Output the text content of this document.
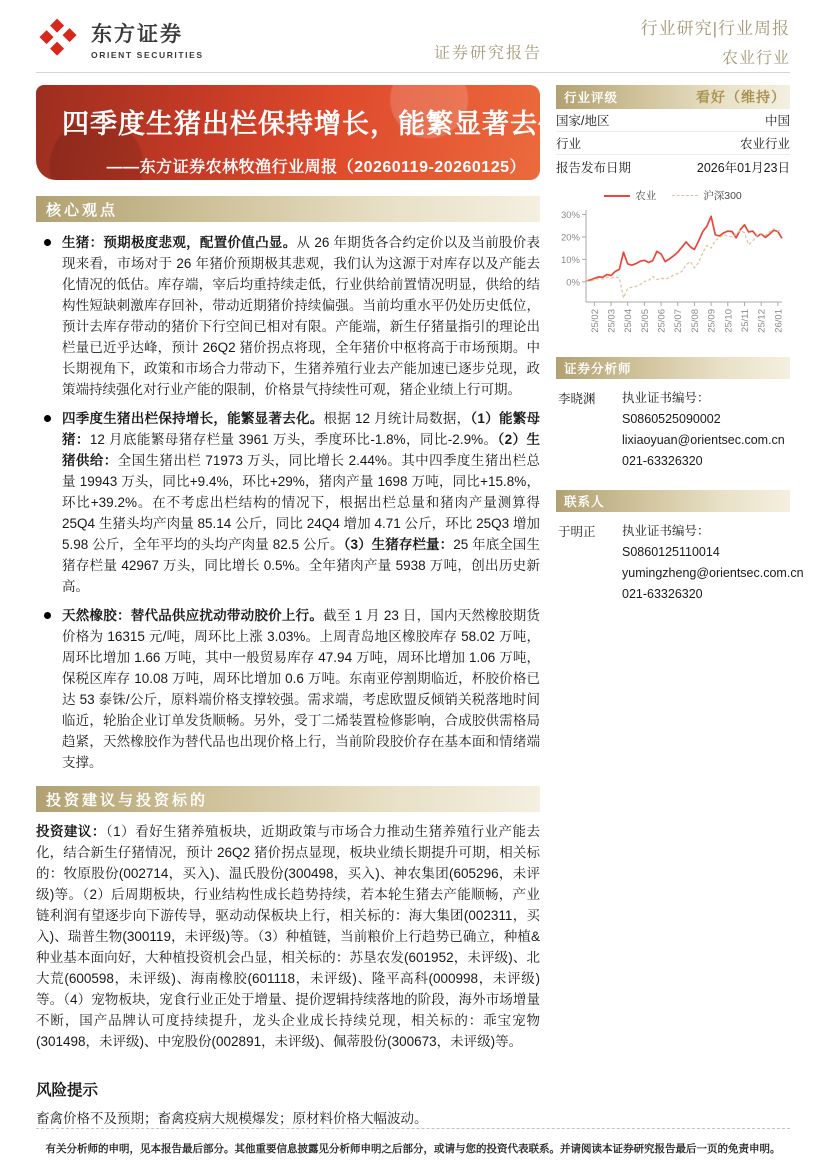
东方证券
ORIENT SECURITIES	证券研究报告
行业研究|行业周报
农业行业
四季度生猪出栏保持增长，能繁显著去化
——东方证券农林牧渔行业周报（20260119-20260125）
核心观点
生猪：预期极度悲观，配置价值凸显。从 26 年期货各合约定价以及当前股价表现来看，市场对于 26 年猪价预期极其悲观，我们认为这源于对库存以及产能去化情况的低估。库存端，宰后均重持续走低，行业供给前置情况明显，供给的结构性短缺刺激库存回补，带动近期猪价持续偏强。当前均重水平仍处历史低位，预计去库存带动的猪价下行空间已相对有限。产能端，新生仔猪量指引的理论出栏量已近乎达峰，预计 26Q2 猪价拐点将现，全年猪价中枢将高于市场预期。中长期视角下，政策和市场合力带动下，生猪养殖行业去产能加速已逐步兑现，政策端持续强化对行业产能的限制，价格景气持续性可观，猪企业绩上行可期。
四季度生猪出栏保持增长，能繁显著去化。根据 12 月统计局数据，（1）能繁母猪：12 月底能繁母猪存栏量 3961 万头，季度环比-1.8%，同比-2.9%。（2）生猪供给：全国生猪出栏 71973 万头，同比增长 2.44%。其中四季度生猪出栏总量 19943 万头，同比+9.4%，环比+29%，猪肉产量 1698 万吨，同比+15.8%，环比+39.2%。在不考虑出栏结构的情况下，根据出栏总量和猪肉产量测算得 25Q4 生猪头均产肉量 85.14 公斤，同比 24Q4 增加 4.71 公斤，环比 25Q3 增加 5.98 公斤，全年平均的头均产肉量 82.5 公斤。（3）生猪存栏量：25 年底全国生猪存栏量 42967 万头，同比增长 0.5%。全年猪肉产量 5938 万吨，创出历史新高。
天然橡胶：替代品供应扰动带动胶价上行。截至 1 月 23 日，国内天然橡胶期货价格为 16315 元/吨，周环比上涨 3.03%。上周青岛地区橡胶库存 58.02 万吨，周环比增加 1.66 万吨，其中一般贸易库存 47.94 万吨，周环比增加 1.06 万吨，保税区库存 10.08 万吨，周环比增加 0.6 万吨。东南亚停割期临近，杯胶价格已达 53 泰铢/公斤，原料端价格支撑较强。需求端，考虑欧盟反倾销关税落地时间临近，轮胎企业订单发货顺畅。另外，受丁二烯装置检修影响，合成胶供需格局趋紧，天然橡胶作为替代品也出现价格上行，当前阶段胶价存在基本面和情绪端支撑。
投资建议与投资标的
投资建议：（1）看好生猪养殖板块，近期政策与市场合力推动生猪养殖行业产能去化，结合新生仔猪情况，预计 26Q2 猪价拐点显现，板块业绩长期提升可期，相关标的：牧原股份(002714，买入)、温氏股份(300498，买入)、神农集团(605296，未评级)等。（2）后周期板块，行业结构性成长趋势持续，若本轮生猪去产能顺畅，产业链利润有望逐步向下游传导，驱动动保板块上行，相关标的：海大集团(002311，买入)、瑞普生物(300119，未评级)等。（3）种植链，当前粮价上行趋势已确立，种植&种业基本面向好，大种植投资机会凸显，相关标的：苏垦农发(601952，未评级)、北大荒(600598，未评级)、海南橡胶(601118，未评级)、隆平高科(000998，未评级)等。（4）宠物板块，宠食行业正处于增量、提价逻辑持续落地的阶段，海外市场增量不断，国产品牌认可度持续提升，龙头企业成长持续兑现，相关标的：乖宝宠物(301498，未评级)、中宠股份(002891，未评级)、佩蒂股份(300673，未评级)等。
风险提示
畜禽价格不及预期；畜禽疫病大规模爆发；原材料价格大幅波动。
行业评级	看好（维持）
国家/地区	中国
行业	农业行业
报告发布日期	2026年01月23日
农业	沪深300
0%
10%
20%
30%
25/02 25/03 25/04 25/05 25/06 25/07 25/08 25/09 25/10 25/11 25/12 26/01
证券分析师
李晓渊	执业证书编号：S0860525090002
lixiaoyuan@orientsec.com.cn
021-63326320
联系人
于明正	执业证书编号：S0860125110014
yumingzheng@orientsec.com.cn
021-63326320
有关分析师的申明，见本报告最后部分。其他重要信息披露见分析师申明之后部分，或请与您的投资代表联系。并请阅读本证券研究报告最后一页的免责申明。
